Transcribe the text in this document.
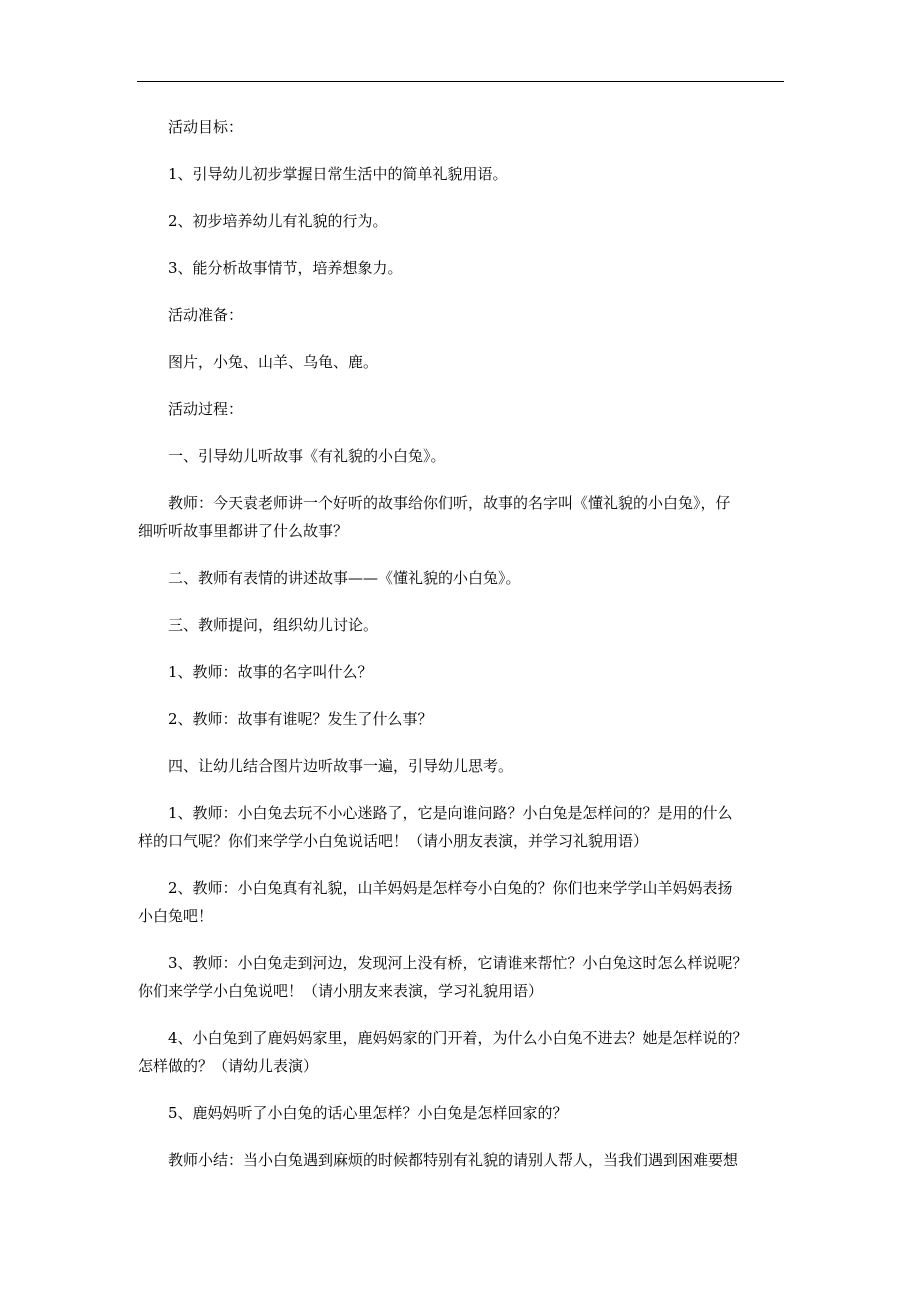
活动目标：
1、引导幼儿初步掌握日常生活中的简单礼貌用语。
2、初步培养幼儿有礼貌的行为。
3、能分析故事情节，培养想象力。
活动准备：
图片，小兔、山羊、乌龟、鹿。
活动过程：
一、引导幼儿听故事《有礼貌的小白兔》。
教师：今天袁老师讲一个好听的故事给你们听，故事的名字叫《懂礼貌的小白兔》，仔
细听听故事里都讲了什么故事？
二、教师有表情的讲述故事——《懂礼貌的小白兔》。
三、教师提问，组织幼儿讨论。
1、教师：故事的名字叫什么？
2、教师：故事有谁呢？发生了什么事？
四、让幼儿结合图片边听故事一遍，引导幼儿思考。
1、教师：小白兔去玩不小心迷路了，它是向谁问路？小白兔是怎样问的？是用的什么
样的口气呢？你们来学学小白兔说话吧！（请小朋友表演，并学习礼貌用语）
2、教师：小白兔真有礼貌，山羊妈妈是怎样夸小白兔的？你们也来学学山羊妈妈表扬
小白兔吧！
3、教师：小白兔走到河边，发现河上没有桥，它请谁来帮忙？小白兔这时怎么样说呢？
你们来学学小白兔说吧！（请小朋友来表演，学习礼貌用语）
4、小白兔到了鹿妈妈家里，鹿妈妈家的门开着，为什么小白兔不进去？她是怎样说的？
怎样做的？（请幼儿表演）
5、鹿妈妈听了小白兔的话心里怎样？小白兔是怎样回家的？
教师小结：当小白兔遇到麻烦的时候都特别有礼貌的请别人帮人，当我们遇到困难要想
